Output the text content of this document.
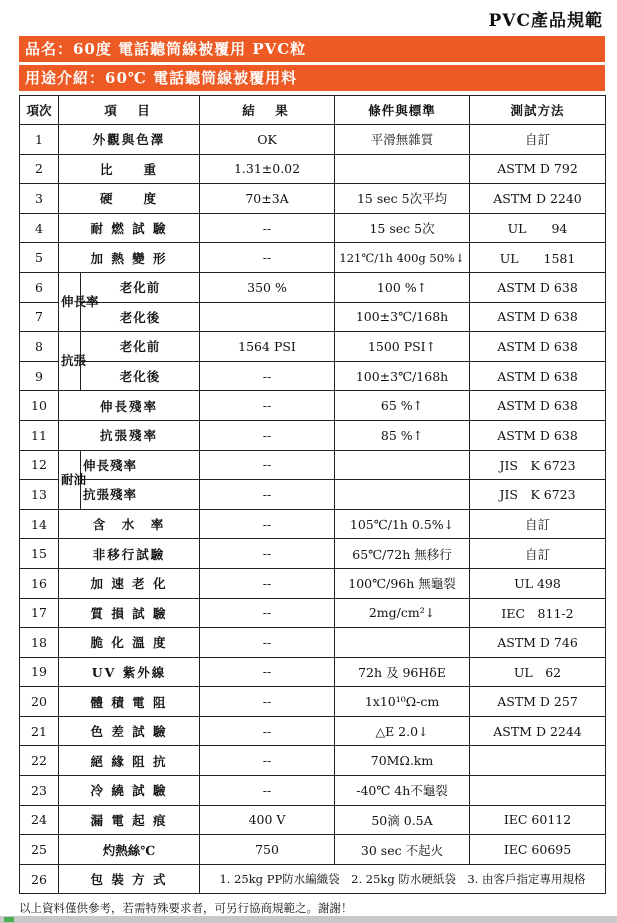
PVC產品規範
品名：60度 電話聽筒線被覆用 PVC粒
用途介紹：60℃ 電話聽筒線被覆用料
項次	項　目		結　果	條件與標準	測試方法
1	外觀與色澤		OK	平滑無雜質	自訂
2	比　　重		1.31±0.02		ASTM D 792
3	硬　　度		70±3A	15 sec 5次平均	ASTM D 2240
4	耐 燃 試 驗		--	15 sec 5次	UL　　94
5	加 熱 變 形		--	121℃/1h 400g 50%↓	UL　　1581
6	伸長率	老化前	350 %	100 %↑	ASTM D 638
7		老化後		100±3℃/168h	ASTM D 638
8	抗張	老化前	1564 PSI	1500 PSI↑	ASTM D 638
9		老化後	--	100±3℃/168h	ASTM D 638
10	伸長殘率		--	65 %↑	ASTM D 638
11	抗張殘率		--	85 %↑	ASTM D 638
12	耐油	伸長殘率	--		JIS　K 6723
13		抗張殘率	--		JIS　K 6723
14	含　水　率		--	105℃/1h 0.5%↓	自訂
15	非移行試驗		--	65℃/72h 無移行	自訂
16	加 速 老 化		--	100℃/96h 無龜裂	UL 498
17	質 損 試 驗		--	2mg/cm²↓	IEC　811-2
18	脆 化 溫 度		--		ASTM D 746
19	UV 紫外線		--	72h 及 96HδE	UL　62
20	體 積 電 阻		--	1x10¹⁰Ω-cm	ASTM D 257
21	色 差 試 驗		--	△E 2.0↓	ASTM D 2244
22	絕 緣 阻 抗		--	70MΩ.km	
23	冷 繞 試 驗		--	-40℃ 4h不龜裂	
24	漏 電 起 痕		400 V	50滴 0.5A	IEC 60112
25	灼熱絲℃		750	30 sec 不起火	IEC 60695
26	包 裝 方 式		1. 25kg PP防水編織袋　2. 25kg 防水硬紙袋　3. 由客戶指定專用規格		
以上資料僅供參考，若需特殊要求者，可另行協商規範之。謝謝！
